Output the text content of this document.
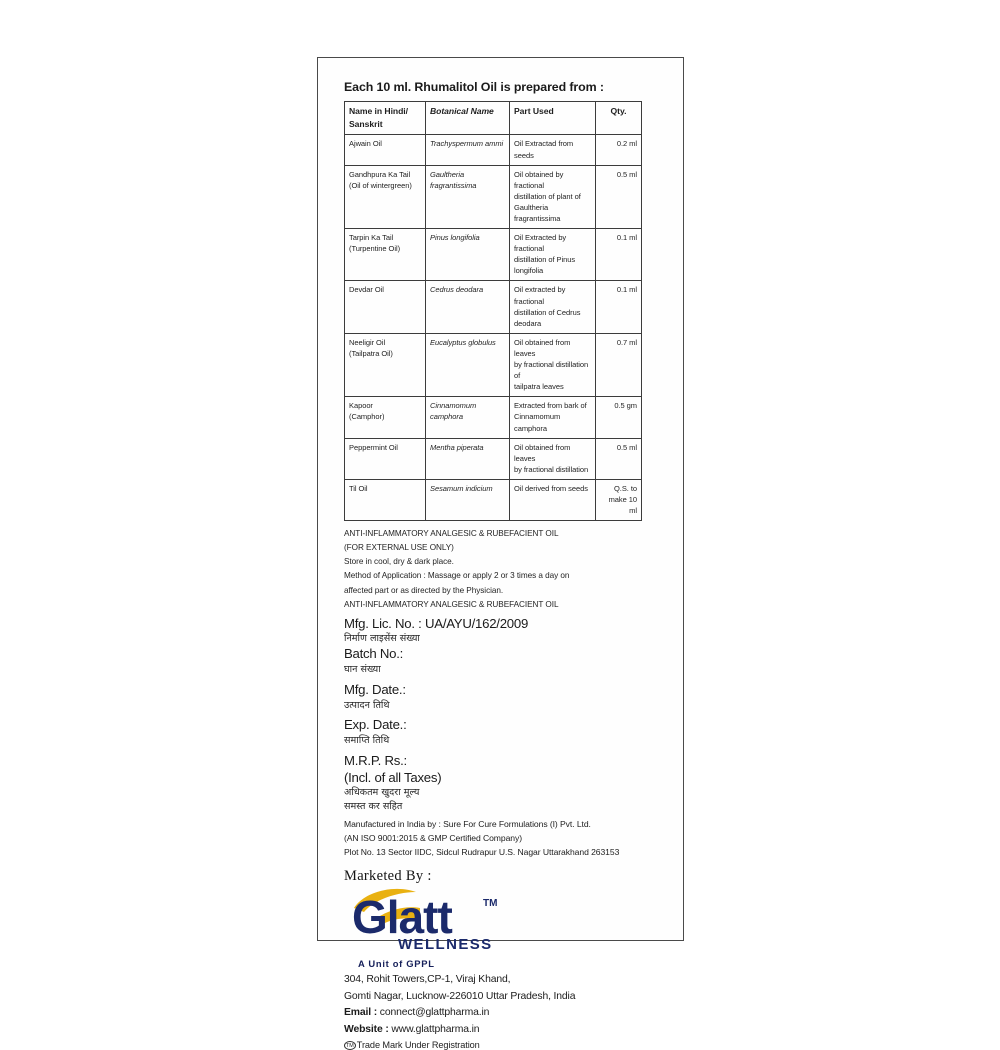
Each 10 ml. Rhumalitol Oil is prepared from :
Name in Hindi/
Sanskrit	Botanical Name	Part Used	Qty.

Ajwain Oil	Trachyspermum ammi	Oil Extractad from seeds	0.2 ml

Gandhpura Ka Tail
(Oil of wintergreen)	Gaultheria
fragrantissima	Oil obtained by fractional
distillation of plant of
Gaultheria fragrantissima	0.5 ml

Tarpin Ka Tail
(Turpentine Oil)	Pinus longifolia	Oil Extracted by fractional
distillation of Pinus
longifolia	0.1 ml

Devdar Oil	Cedrus deodara	Oil extracted by fractional
distillation of Cedrus
deodara	0.1 ml

Neeligir Oil
(Tailpatra Oil)	Eucalyptus globulus	Oil obtained from leaves
by fractional distillation of
tailpatra leaves	0.7 ml

Kapoor
(Camphor)	Cinnamomum camphora	Extracted from bark of
Cinnamomum camphora	0.5 gm

Peppermint Oil	Mentha piperata	Oil obtained from leaves
by fractional distillation	0.5 ml

Til Oil	Sesamum indicium	Oil derived from seeds	Q.S. to
make 10 ml
ANTI-INFLAMMATORY ANALGESIC & RUBEFACIENT OIL
(FOR EXTERNAL USE ONLY)
Store in cool, dry & dark place.
Method of Application : Massage or apply 2 or 3 times a day on
affected part or as directed by the Physician.
ANTI-INFLAMMATORY ANALGESIC & RUBEFACIENT OIL
Mfg. Lic. No. : UA/AYU/162/2009
निर्माण लाइसेंस संख्या
Batch No.:
घान संख्या
Mfg. Date.:
उत्पादन तिथि
Exp. Date.:
समाप्ति तिथि
M.R.P. Rs.:
(Incl. of all Taxes)
अधिकतम खुदरा मूल्य
समस्त कर सहित
Manufactured in India by : Sure For Cure Formulations (I) Pvt. Ltd.
(AN ISO 9001:2015 & GMP Certified Company)
Plot No. 13 Sector IIDC, Sidcul Rudrapur U.S. Nagar Uttarakhand 263153
Marketed By :
Glatt	TM
WELLNESS
A Unit of GPPL
304, Rohit Towers,CP-1, Viraj Khand,
Gomti Nagar, Lucknow-226010 Uttar Pradesh, India
Email : connect@glattpharma.in
Website : www.glattpharma.in
TM Trade Mark Under Registration
